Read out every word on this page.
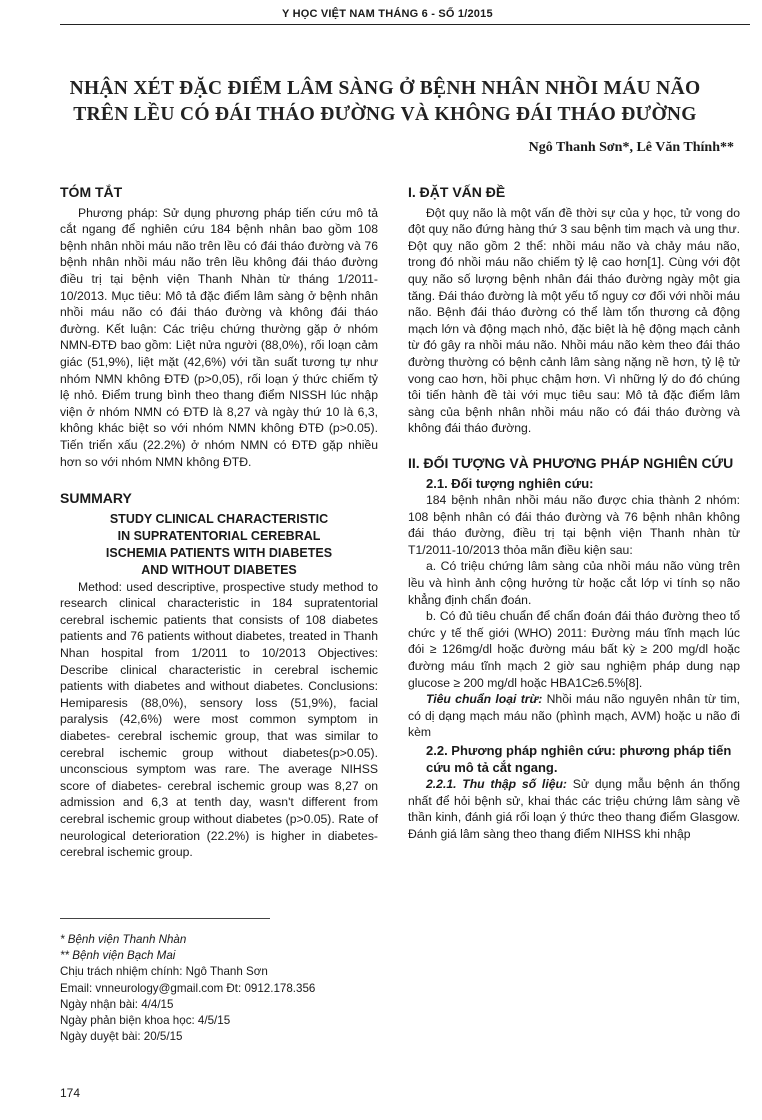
Y HỌC VIỆT NAM THÁNG 6 - SỐ 1/2015
NHẬN XÉT ĐẶC ĐIỂM LÂM SÀNG Ở BỆNH NHÂN NHỒI MÁU NÃO
TRÊN LỀU CÓ ĐÁI THÁO ĐƯỜNG VÀ KHÔNG ĐÁI THÁO ĐƯỜNG
Ngô Thanh Sơn*, Lê Văn Thính**
TÓM TẮT

Phương pháp: Sử dụng phương pháp tiến cứu mô tả cắt ngang để nghiên cứu 184 bệnh nhân bao gồm 108 bệnh nhân nhồi máu não trên lều có đái tháo đường và 76 bệnh nhân nhồi máu não trên lều không đái tháo đường điều trị tại bệnh viện Thanh Nhàn từ tháng 1/2011-10/2013. Mục tiêu: Mô tả đặc điểm lâm sàng ở bệnh nhân nhồi máu não có đái tháo đường và không đái tháo đường. Kết luận: Các triệu chứng thường gặp ở nhóm NMN-ĐTĐ bao gồm: Liệt nửa người (88,0%), rối loạn cảm giác (51,9%), liệt mặt (42,6%) với tần suất tương tự như nhóm NMN không ĐTĐ (p>0,05), rối loạn ý thức chiếm tỷ lệ nhỏ. Điểm trung bình theo thang điểm NISSH lúc nhập viện ở nhóm NMN có ĐTĐ là 8,27 và ngày thứ 10 là 6,3, không khác biệt so với nhóm NMN không ĐTĐ (p>0.05). Tiến triển xấu (22.2%) ở nhóm NMN có ĐTĐ gặp nhiều hơn so với nhóm NMN không ĐTĐ.

SUMMARY
STUDY CLINICAL CHARACTERISTIC
IN SUPRATENTORIAL CEREBRAL
ISCHEMIA PATIENTS WITH DIABETES
AND WITHOUT DIABETES

Method: used descriptive, prospective study method to research clinical characteristic in 184 supratentorial cerebral ischemic patients that consists of 108 diabetes patients and 76 patients without diabetes, treated in Thanh Nhan hospital from 1/2011 to 10/2013 Objectives: Describe clinical characteristic in cerebral ischemic patients with diabetes and without diabetes. Conclusions: Hemiparesis (88,0%), sensory loss (51,9%), facial paralysis (42,6%) were most common symptom in diabetes- cerebral ischemic group, that was similar to cerebral ischemic group without diabetes(p>0.05). unconscious symptom was rare. The average NIHSS score of diabetes- cerebral ischemic group was 8,27 on admission and 6,3 at tenth day, wasn't different from cerebral ischemic group without diabetes (p>0.05). Rate of neurological deterioration (22.2%) is higher in diabetes- cerebral ischemic group.

* Bệnh viện Thanh Nhàn
** Bệnh viện Bạch Mai
Chịu trách nhiệm chính: Ngô Thanh Sơn
Email: vnneurology@gmail.com Đt: 0912.178.356
Ngày nhận bài: 4/4/15
Ngày phản biện khoa học: 4/5/15
Ngày duyệt bài: 20/5/15
174
I. ĐẶT VẤN ĐỀ

Đột quỵ não là một vấn đề thời sự của y học, tử vong do đột quỵ não đứng hàng thứ 3 sau bệnh tim mạch và ung thư. Đột quỵ não gồm 2 thể: nhồi máu não và chảy máu não, trong đó nhồi máu não chiếm tỷ lệ cao hơn[1]. Cùng với đột quỵ não số lượng bệnh nhân đái tháo đường ngày một gia tăng. Đái tháo đường là một yếu tố nguy cơ đối với nhồi máu não. Bệnh đái tháo đường có thể làm tổn thương cả động mạch lớn và động mạch nhỏ, đặc biệt là hệ động mạch cảnh từ đó gây ra nhồi máu não. Nhồi máu não kèm theo đái tháo đường thường có bệnh cảnh lâm sàng nặng nề hơn, tỷ lệ tử vong cao hơn, hồi phục chậm hơn. Vì những lý do đó chúng tôi tiến hành đề tài với mục tiêu sau: Mô tả đặc điểm lâm sàng của bệnh nhân nhồi máu não có đái tháo đường và không đái tháo đường.

II. ĐỐI TƯỢNG VÀ PHƯƠNG PHÁP NGHIÊN CỨU
2.1. Đối tượng nghiên cứu:

184 bệnh nhân nhồi máu não được chia thành 2 nhóm: 108 bệnh nhân có đái tháo đường và 76 bệnh nhân không đái tháo đường, điều trị tại bệnh viện Thanh nhàn từ T1/2011-10/2013 thỏa mãn điều kiện sau:

a. Có triệu chứng lâm sàng của nhồi máu não vùng trên lều và hình ảnh cộng hưởng từ hoặc cắt lớp vi tính sọ não khẳng định chẩn đoán.

b. Có đủ tiêu chuẩn để chẩn đoán đái tháo đường theo tổ chức y tế thế giới (WHO) 2011: Đường máu tĩnh mạch lúc đói ≥ 126mg/dl hoặc đường máu bất kỳ ≥ 200 mg/dl hoặc đường máu tĩnh mạch 2 giờ sau nghiệm pháp dung nạp glucose ≥ 200 mg/dl hoặc HBA1C≥6.5%[8].

Tiêu chuẩn loại trừ: Nhồi máu não nguyên nhân từ tim, có dị dạng mạch máu não (phình mạch, AVM) hoặc u não đi kèm

2.2. Phương pháp nghiên cứu: phương pháp tiến cứu mô tả cắt ngang.

2.2.1. Thu thập số liệu: Sử dụng mẫu bệnh án thống nhất để hỏi bệnh sử, khai thác các triệu chứng lâm sàng về thần kinh, đánh giá rối loạn ý thức theo thang điểm Glasgow. Đánh giá lâm sàng theo thang điểm NIHSS khi nhập
